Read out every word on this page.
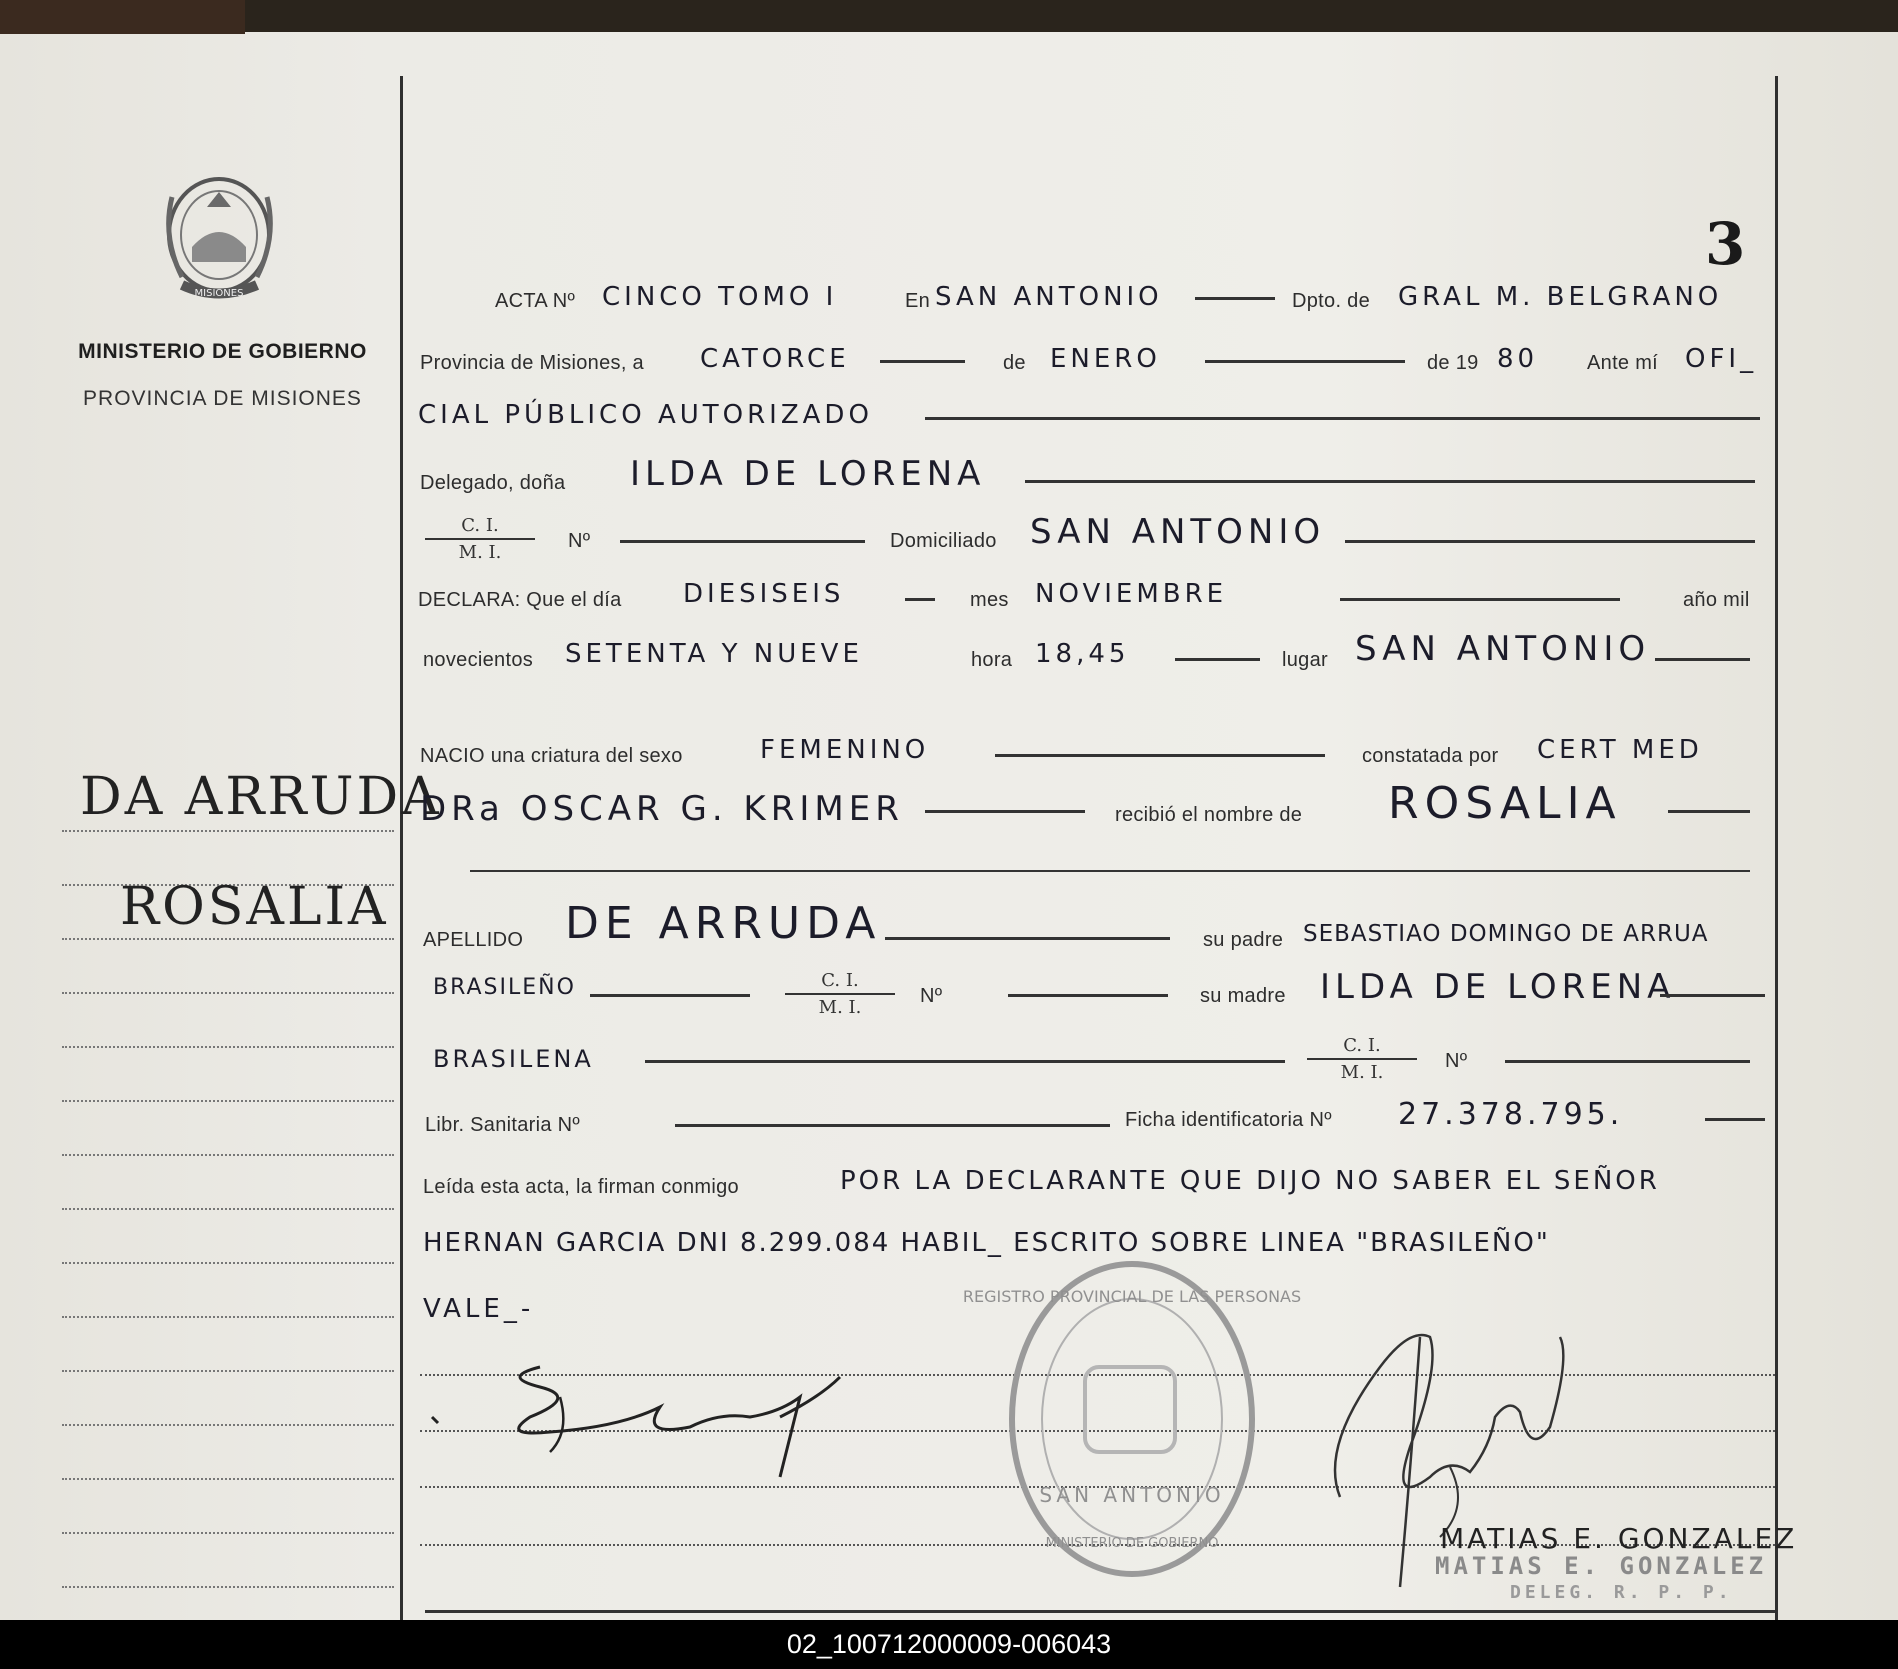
MISIONES
MINISTERIO DE GOBIERNO
PROVINCIA DE MISIONES
DA ARRUDA
ROSALIA
3
ACTA Nº CINCO TOMO I	En SAN ANTONIO	Dpto. de GRAL M. BELGRANO
Provincia de Misiones, a CATORCE	de ENERO	de 19 80 Ante mí OFI_
CIAL PÚBLICO AUTORIZADO
Delegado, doña ILDA DE LORENA
$\frac{C. I.}{M. I.}$ Nº	Domiciliado SAN ANTONIO
DECLARA: Que el día DIESISEIS	mes NOVIEMBRE	año mil
novecientos SETENTA Y NUEVE	hora 18,45	lugar SAN ANTONIO
NACIO una criatura del sexo	FEMENINO	constatada por CERT MED
DRa OSCAR G. KRIMER	recibió el nombre de ROSALIA
APELLIDO DE ARRUDA	su padre SEBASTIAO DOMINGO DE ARRUA
BRASILEÑO	$\frac{C. I.}{M. I.}$ Nº	su madre ILDA DE LORENA
BRASILENA	$\frac{C. I.}{M. I.}$ Nº
Libr. Sanitaria Nº	Ficha identificatoria Nº 27.378.795.
Leída esta acta, la firman conmigo	POR LA DECLARANTE QUE DIJO NO SABER EL SEÑOR
HERNAN GARCIA DNI 8.299.084 HABIL_ ESCRITO SOBRE LINEA "BRASILEÑO"
VALE_-	REGISTRO PROVINCIAL DE LAS PERSONAS
SAN ANTONIO
MINISTERIO DE GOBIERNO	MATIAS E. GONZALEZ
MATIAS E. GONZALEZ
DELEG. R. P. P.
02_100712000009-006043
